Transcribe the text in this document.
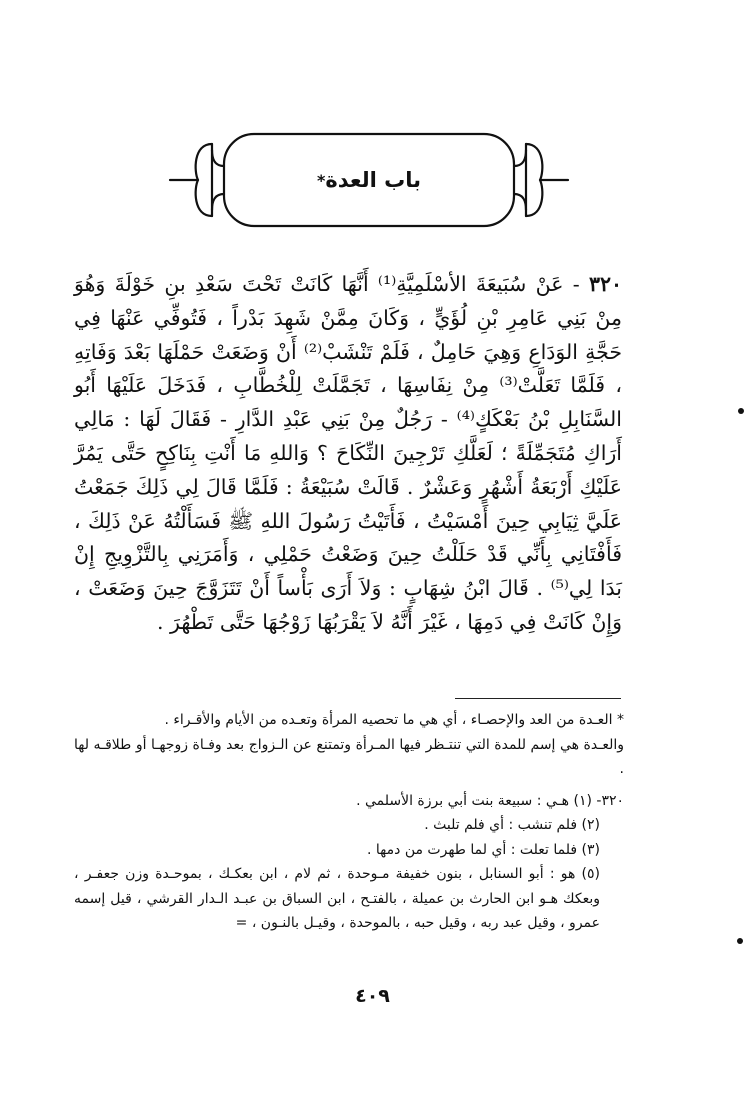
باب العدة
*
٣٢٠ - عَنْ سُبَيعَةَ الأسْلَمِيَّةِ⁽¹⁾ أَنَّهَا كَانَتْ تَحْتَ سَعْدِ بنِ خَوْلَةَ وَهُوَ مِنْ بَنِي عَامِرِ بْنِ لُؤَيٍّ ، وَكَانَ مِمَّنْ شَهِدَ بَدْراً ، فَتُوفِّي عَنْهَا فِي حَجَّةِ الوَدَاعِ وَهِيَ حَامِلٌ ، فَلَمْ تَنْشَبْ⁽²⁾ أَنْ وَضَعَتْ حَمْلَهَا بَعْدَ وَفَاتِهِ ، فَلَمَّا تَعَلَّتْ⁽³⁾ مِنْ نِفَاسِهَا ، تَجَمَّلَتْ لِلْخُطَّابِ ، فَدَخَلَ عَلَيْهَا أَبُو السَّنَابِلِ بْنُ بَعْكَكٍ⁽⁴⁾ - رَجُلٌ مِنْ بَنِي عَبْدِ الدَّارِ - فَقَالَ لَهَا : مَالِي أَرَاكِ مُتَجَمِّلَةً ؛ لَعَلَّكِ تَرْجِينَ النِّكَاحَ ؟ وَاللهِ مَا أَنْتِ بِنَاكِحٍ حَتَّى يَمُرَّ عَلَيْكِ أَرْبَعَةُ أَشْهُرٍ وَعَشْرٌ . قَالَتْ سُبَيْعَةُ : فَلَمَّا قَالَ لِي ذَلِكَ جَمَعْتُ عَلَيَّ ثِيَابِي حِينَ أَمْسَيْتُ ، فَأَتَيْتُ رَسُولَ اللهِ ﷺ فَسَأَلْتُهُ عَنْ ذَلِكَ ، فَأَفْتَانِي بِأَنِّي قَدْ حَلَلْتُ حِينَ وَضَعْتُ حَمْلِي ، وَأَمَرَنِي بِالتَّزْوِيجِ إِنْ بَدَا لِي⁽⁵⁾ . قَالَ ابْنُ شِهَابٍ : وَلاَ أَرَى بَأْساً أَنْ تَتَزَوَّجَ حِينَ وَضَعَتْ ، وَإِنْ كَانَتْ فِي دَمِهَا ، غَيْرَ أَنَّهُ لاَ يَقْرَبُهَا زَوْجُهَا حَتَّى تَطْهُرَ .
* العـدة من العد والإحصـاء ، أي هي ما تحصيه المرأة وتعـده من الأيام والأقـراء .
والعـدة هي إسم للمدة التي تنتـظر فيها المـرأة وتمتنع عن الـزواج بعد وفـاة زوجهـا أو طلاقـه لها .
٣٢٠- (١) هـي : سبيعة بنت أبي برزة الأسلمي .
(٢) فلم تنشب : أي فلم تلبث .
(٣) فلما تعلت : أي لما طهرت من دمها .
(٥) هو : أبو السنابل ، بنون خفيفة مـوحدة ، ثم لام ، ابن بعكـك ، بموحـدة وزن جعفـر ، وبعكك هـو ابن الحارث بن عميلة ، بالفتـح ، ابن السباق بن عبـد الـدار القرشي ، قيل إسمه عمرو ، وقيل عبد ربه ، وقيل حبه ، بالموحدة ، وقيـل بالنـون ، =
٤٠٩
